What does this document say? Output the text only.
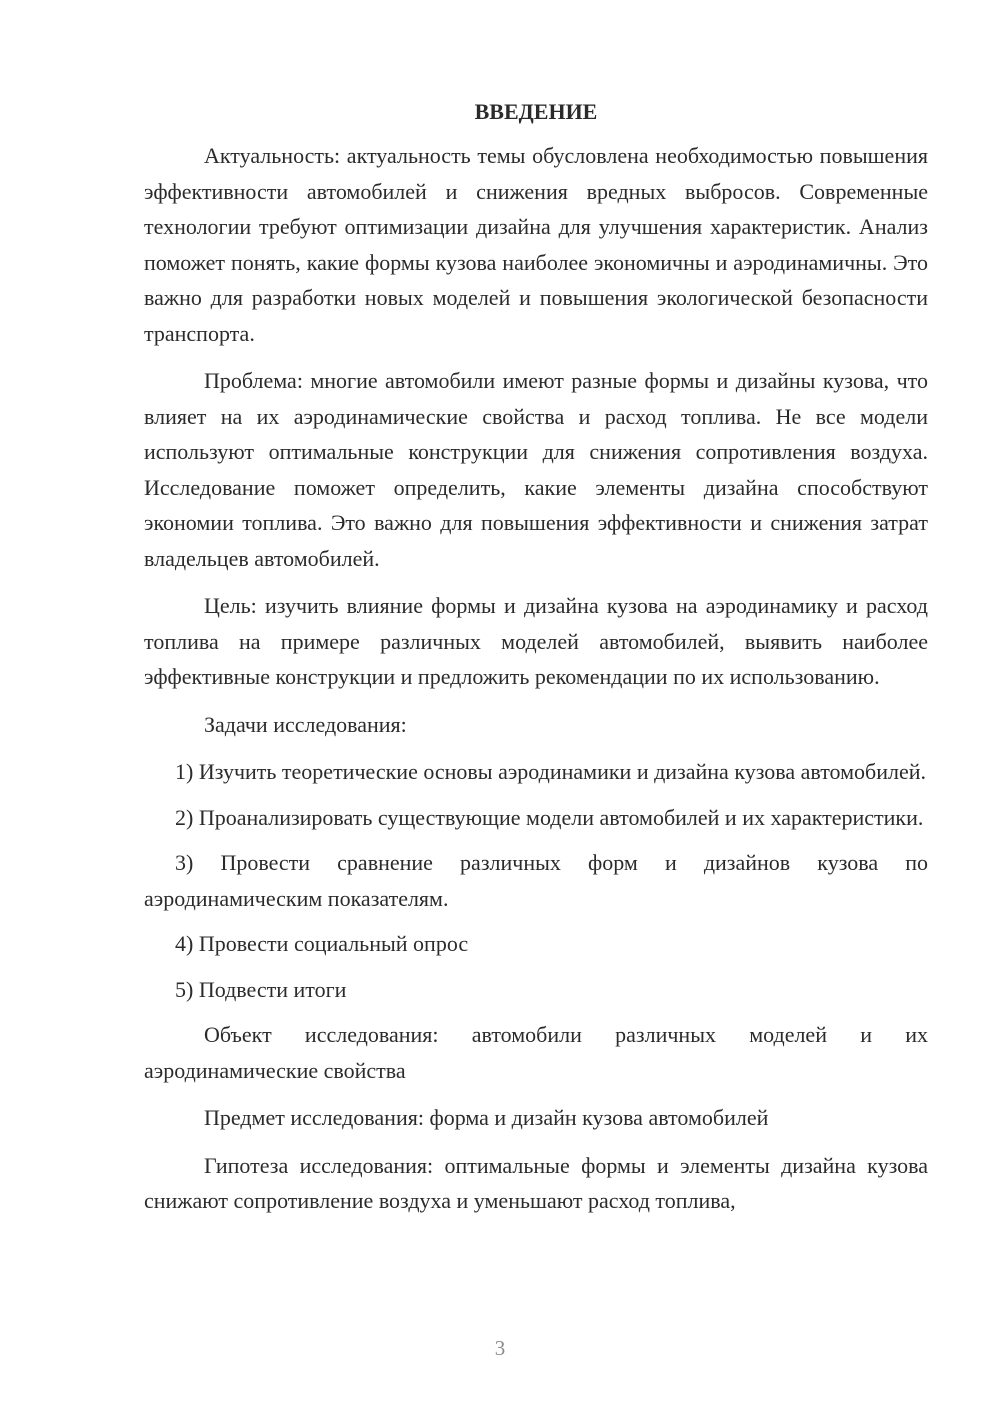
ВВЕДЕНИЕ

Актуальность: актуальность темы обусловлена необходимостью повышения эффективности автомобилей и снижения вредных выбросов. Современные технологии требуют оптимизации дизайна для улучшения характеристик. Анализ поможет понять, какие формы кузова наиболее экономичны и аэродинамичны. Это важно для разработки новых моделей и повышения экологической безопасности транспорта.

Проблема: многие автомобили имеют разные формы и дизайны кузова, что влияет на их аэродинамические свойства и расход топлива. Не все модели используют оптимальные конструкции для снижения сопротивления воздуха. Исследование поможет определить, какие элементы дизайна способствуют экономии топлива. Это важно для повышения эффективности и снижения затрат владельцев автомобилей.

Цель: изучить влияние формы и дизайна кузова на аэродинамику и расход топлива на примере различных моделей автомобилей, выявить наиболее эффективные конструкции и предложить рекомендации по их использованию.

Задачи исследования:

1) Изучить теоретические основы аэродинамики и дизайна кузова автомобилей.

2) Проанализировать существующие модели автомобилей и их характеристики.

3) Провести сравнение различных форм и дизайнов кузова по аэродинамическим показателям.

4) Провести социальный опрос

5) Подвести итоги

Объект исследования: автомобили различных моделей и их аэродинамические свойства

Предмет исследования: форма и дизайн кузова автомобилей

Гипотеза исследования: оптимальные формы и элементы дизайна кузова снижают сопротивление воздуха и уменьшают расход топлива,

3
